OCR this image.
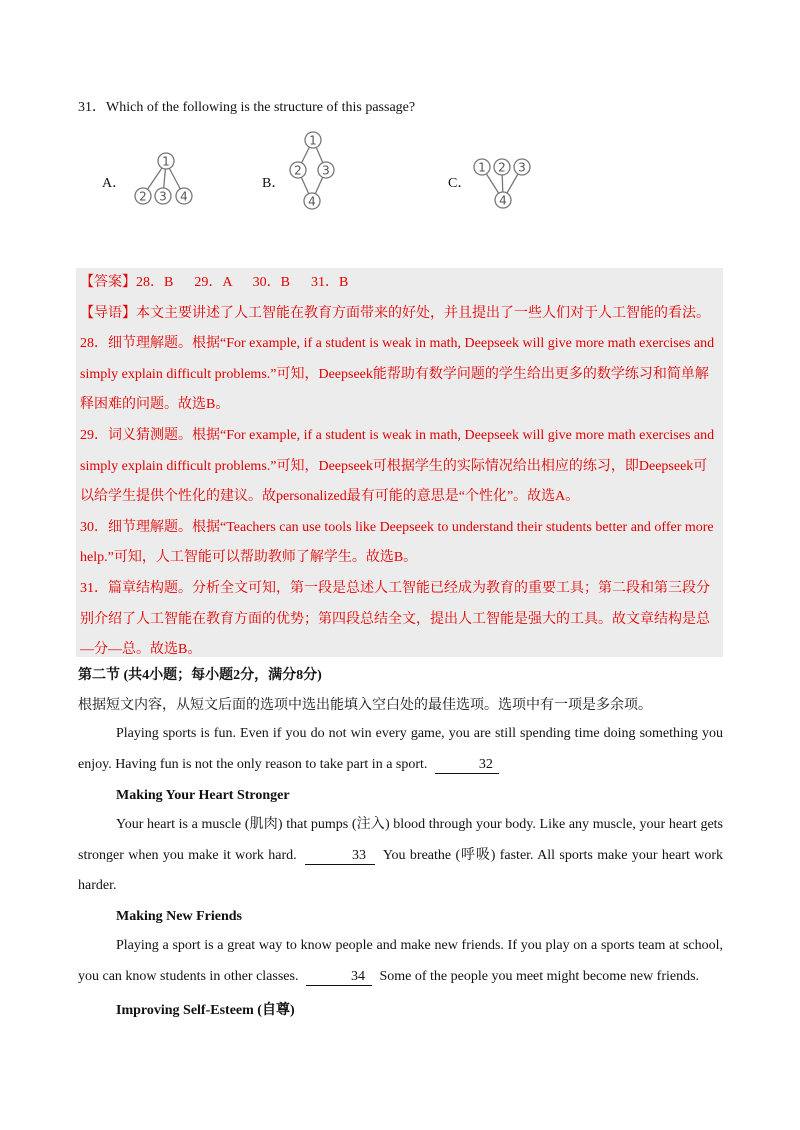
31．Which of the following is the structure of this passage?
A．
1
2 3 4
B．
1
2 3
4
C．
1 2 3
4

【答案】28．B      29．A      30．B      31．B

【导语】本文主要讲述了人工智能在教育方面带来的好处，并且提出了一些人们对于人工智能的看法。

28．细节理解题。根据“For example, if a student is weak in math, Deepseek will give more math exercises and simply explain difficult problems.”可知，Deepseek能帮助有数学问题的学生给出更多的数学练习和简单解释困难的问题。故选B。

29．词义猜测题。根据“For example, if a student is weak in math, Deepseek will give more math exercises and simply explain difficult problems.”可知，Deepseek可根据学生的实际情况给出相应的练习，即Deepseek可以给学生提供个性化的建议。故personalized最有可能的意思是“个性化”。故选A。

30．细节理解题。根据“Teachers can use tools like Deepseek to understand their students better and offer more help.”可知，人工智能可以帮助教师了解学生。故选B。

31．篇章结构题。分析全文可知，第一段是总述人工智能已经成为教育的重要工具；第二段和第三段分别介绍了人工智能在教育方面的优势；第四段总结全文，提出人工智能是强大的工具。故文章结构是总—分—总。故选B。

第二节 (共4小题；每小题2分，满分8分)
根据短文内容，从短文后面的选项中选出能填入空白处的最佳选项。选项中有一项是多余项。
Playing sports is fun. Even if you do not win every game, you are still spending time doing something you enjoy. Having fun is not the only reason to take part in a sport.	32
Making Your Heart Stronger
Your heart is a muscle (肌肉) that pumps (注入) blood through your body. Like any muscle, your heart gets stronger when you make it work hard.	33 You breathe (呼吸) faster. All sports make your heart work harder.
Making New Friends
Playing a sport is a great way to know people and make new friends. If you play on a sports team at school, you can know students in other classes.	34 Some of the people you meet might become new friends.
Improving Self-Esteem (自尊)
